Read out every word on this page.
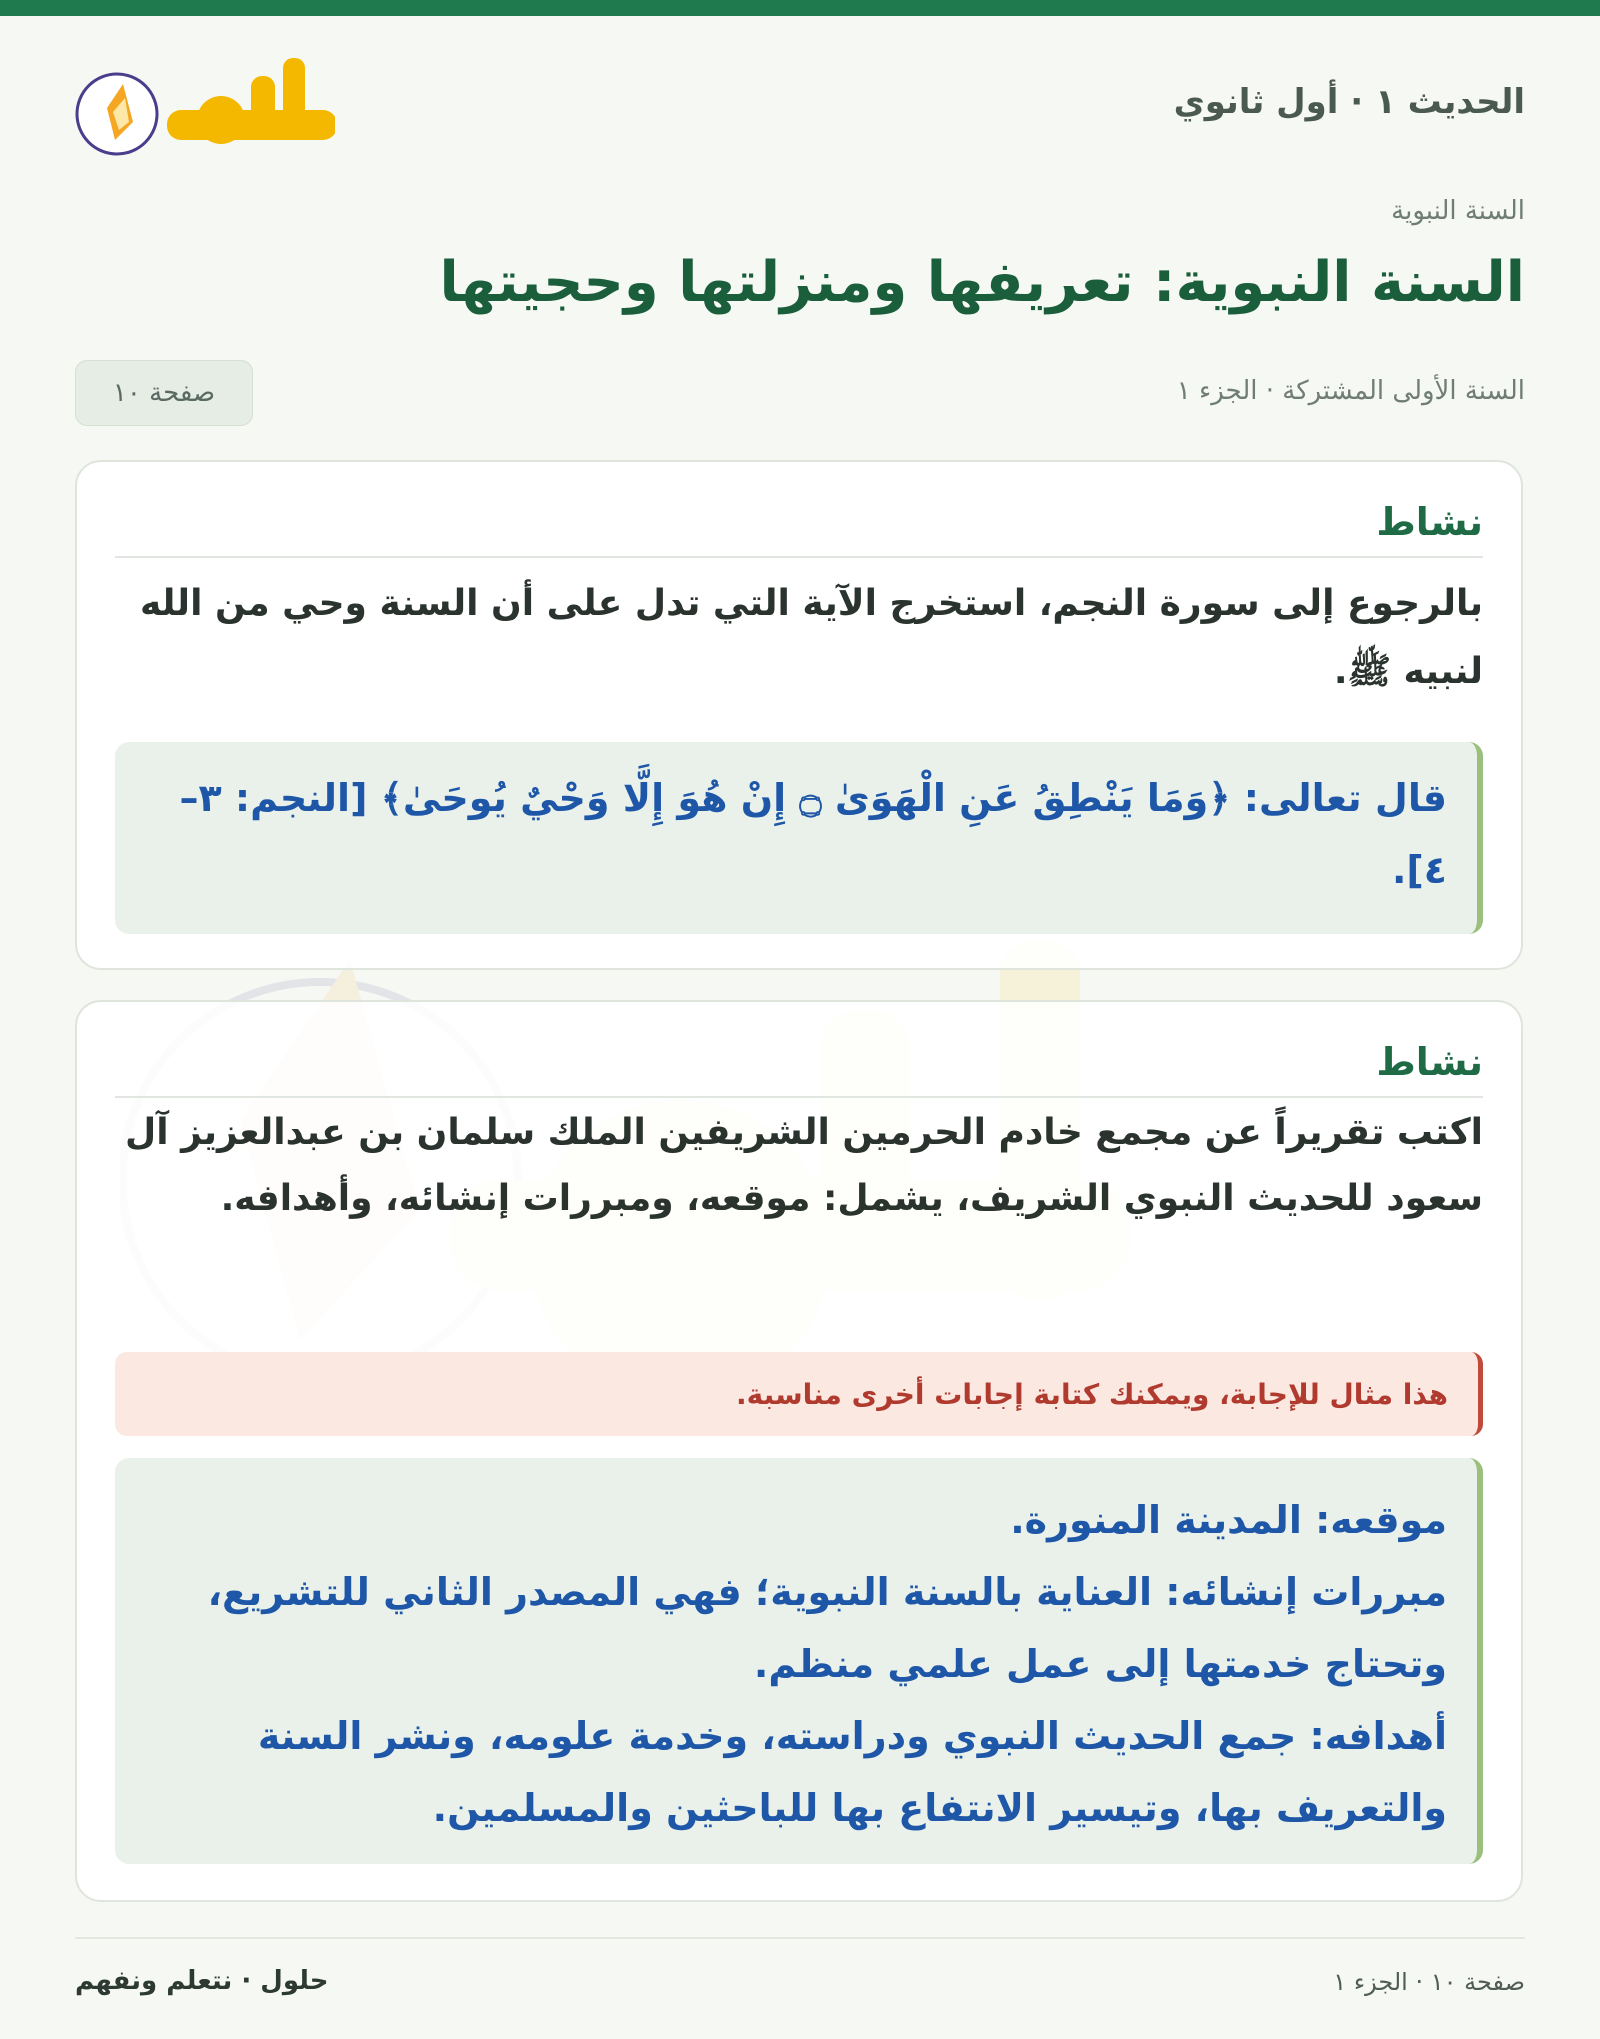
الحديث ١ · أول ثانوي
السنة النبوية
السنة النبوية: تعريفها ومنزلتها وحجيتها
السنة الأولى المشتركة · الجزء ١
صفحة ١٠
نشاط
بالرجوع إلى سورة النجم، استخرج الآية التي تدل على أن السنة وحي من الله لنبيه ﷺ.
قال تعالى: ﴿وَمَا يَنْطِقُ عَنِ الْهَوَىٰ ۝ إِنْ هُوَ إِلَّا وَحْيٌ يُوحَىٰ﴾ [النجم: ٣–٤].
نشاط
اكتب تقريراً عن مجمع خادم الحرمين الشريفين الملك سلمان بن عبدالعزيز آل سعود للحديث النبوي الشريف، يشمل: موقعه، ومبررات إنشائه، وأهدافه.
هذا مثال للإجابة، ويمكنك كتابة إجابات أخرى مناسبة.
موقعه: المدينة المنورة.
مبررات إنشائه: العناية بالسنة النبوية؛ فهي المصدر الثاني للتشريع، وتحتاج خدمتها إلى عمل علمي منظم.
أهدافه: جمع الحديث النبوي ودراسته، وخدمة علومه، ونشر السنة والتعريف بها، وتيسير الانتفاع بها للباحثين والمسلمين.
صفحة ١٠ · الجزء ١
حلول · نتعلم ونفهم
